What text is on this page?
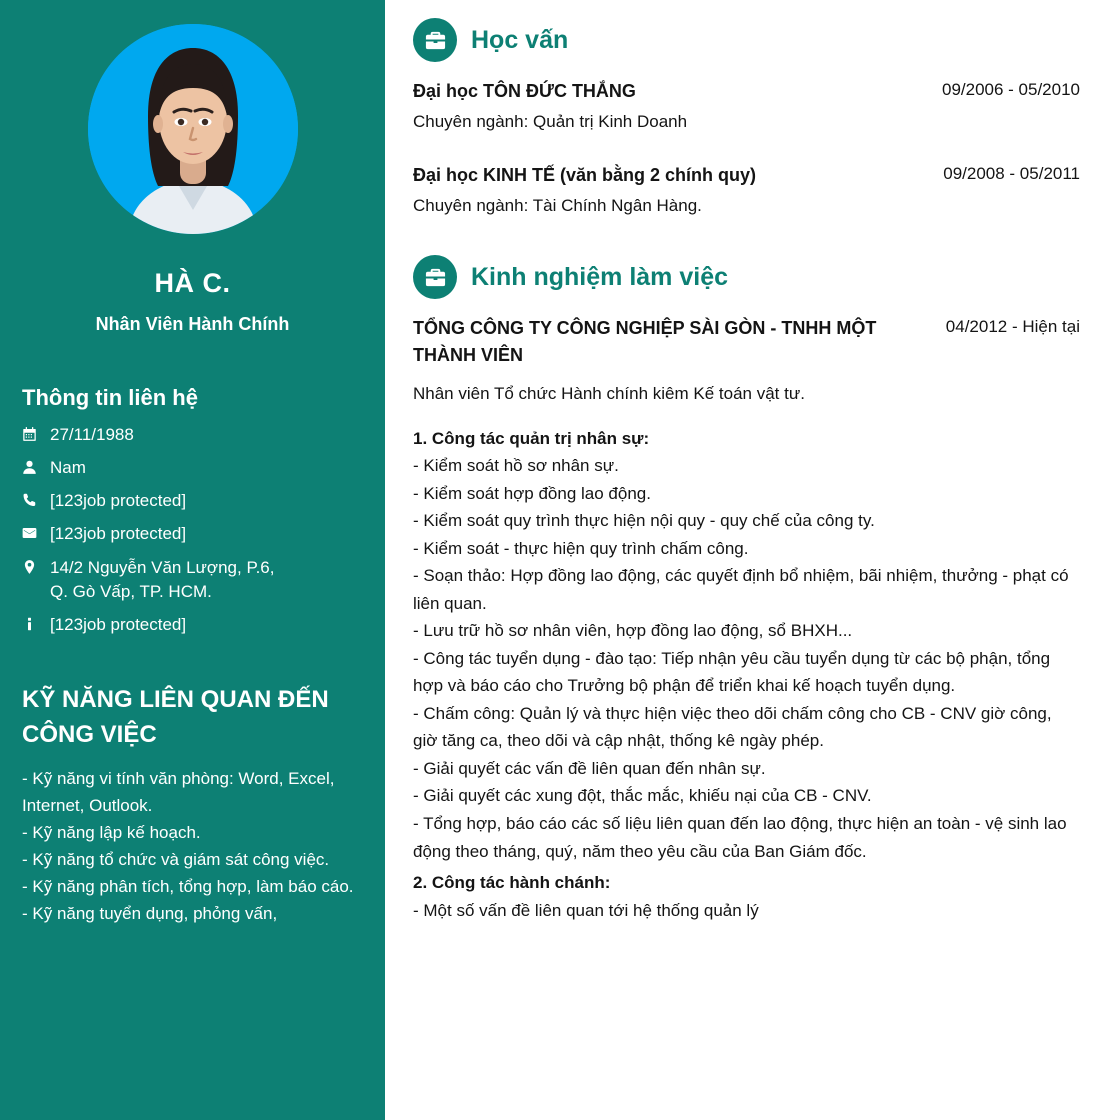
HÀ C.
Nhân Viên Hành Chính
Thông tin liên hệ
27/11/1988
Nam
[123job protected]
[123job protected]
14/2 Nguyễn Văn Lượng, P.6,
Q. Gò Vấp, TP. HCM.
[123job protected]
KỸ NĂNG LIÊN QUAN ĐẾN CÔNG VIỆC

- Kỹ năng vi tính văn phòng: Word, Excel, Internet, Outlook.

- Kỹ năng lập kế hoạch.

- Kỹ năng tổ chức và giám sát công việc.

- Kỹ năng phân tích, tổng hợp, làm báo cáo.

- Kỹ năng tuyển dụng, phỏng vấn,

Học vấn
Đại học TÔN ĐỨC THẮNG	09/2006 - 05/2010

Chuyên ngành: Quản trị Kinh Doanh

Đại học KINH TẾ (văn bằng 2 chính quy)	09/2008 - 05/2011

Chuyên ngành: Tài Chính Ngân Hàng.

Kinh nghiệm làm việc
TỔNG CÔNG TY CÔNG NGHIỆP SÀI GÒN - TNHH MỘT THÀNH VIÊN
04/2012 - Hiện tại

Nhân viên Tổ chức Hành chính kiêm Kế toán vật tư.

1. Công tác quản trị nhân sự:

- Kiểm soát hồ sơ nhân sự.

- Kiểm soát hợp đồng lao động.

- Kiểm soát quy trình thực hiện nội quy - quy chế của công ty.

- Kiểm soát - thực hiện quy trình chấm công.

- Soạn thảo: Hợp đồng lao động, các quyết định bổ nhiệm, bãi nhiệm, thưởng - phạt có liên quan.

- Lưu trữ hồ sơ nhân viên, hợp đồng lao động, sổ BHXH...

- Công tác tuyển dụng - đào tạo: Tiếp nhận yêu cầu tuyển dụng từ các bộ phận, tổng hợp và báo cáo cho Trưởng bộ phận để triển khai kế hoạch tuyển dụng.

- Chấm công: Quản lý và thực hiện việc theo dõi chấm công cho CB - CNV giờ công, giờ tăng ca, theo dõi và cập nhật, thống kê ngày phép.

- Giải quyết các vấn đề liên quan đến nhân sự.

- Giải quyết các xung đột, thắc mắc, khiếu nại của CB - CNV.

- Tổng hợp, báo cáo các số liệu liên quan đến lao động, thực hiện an toàn - vệ sinh lao động theo tháng, quý, năm theo yêu cầu của Ban Giám đốc.

2. Công tác hành chánh:

- Một số vấn đề liên quan tới hệ thống quản lý
